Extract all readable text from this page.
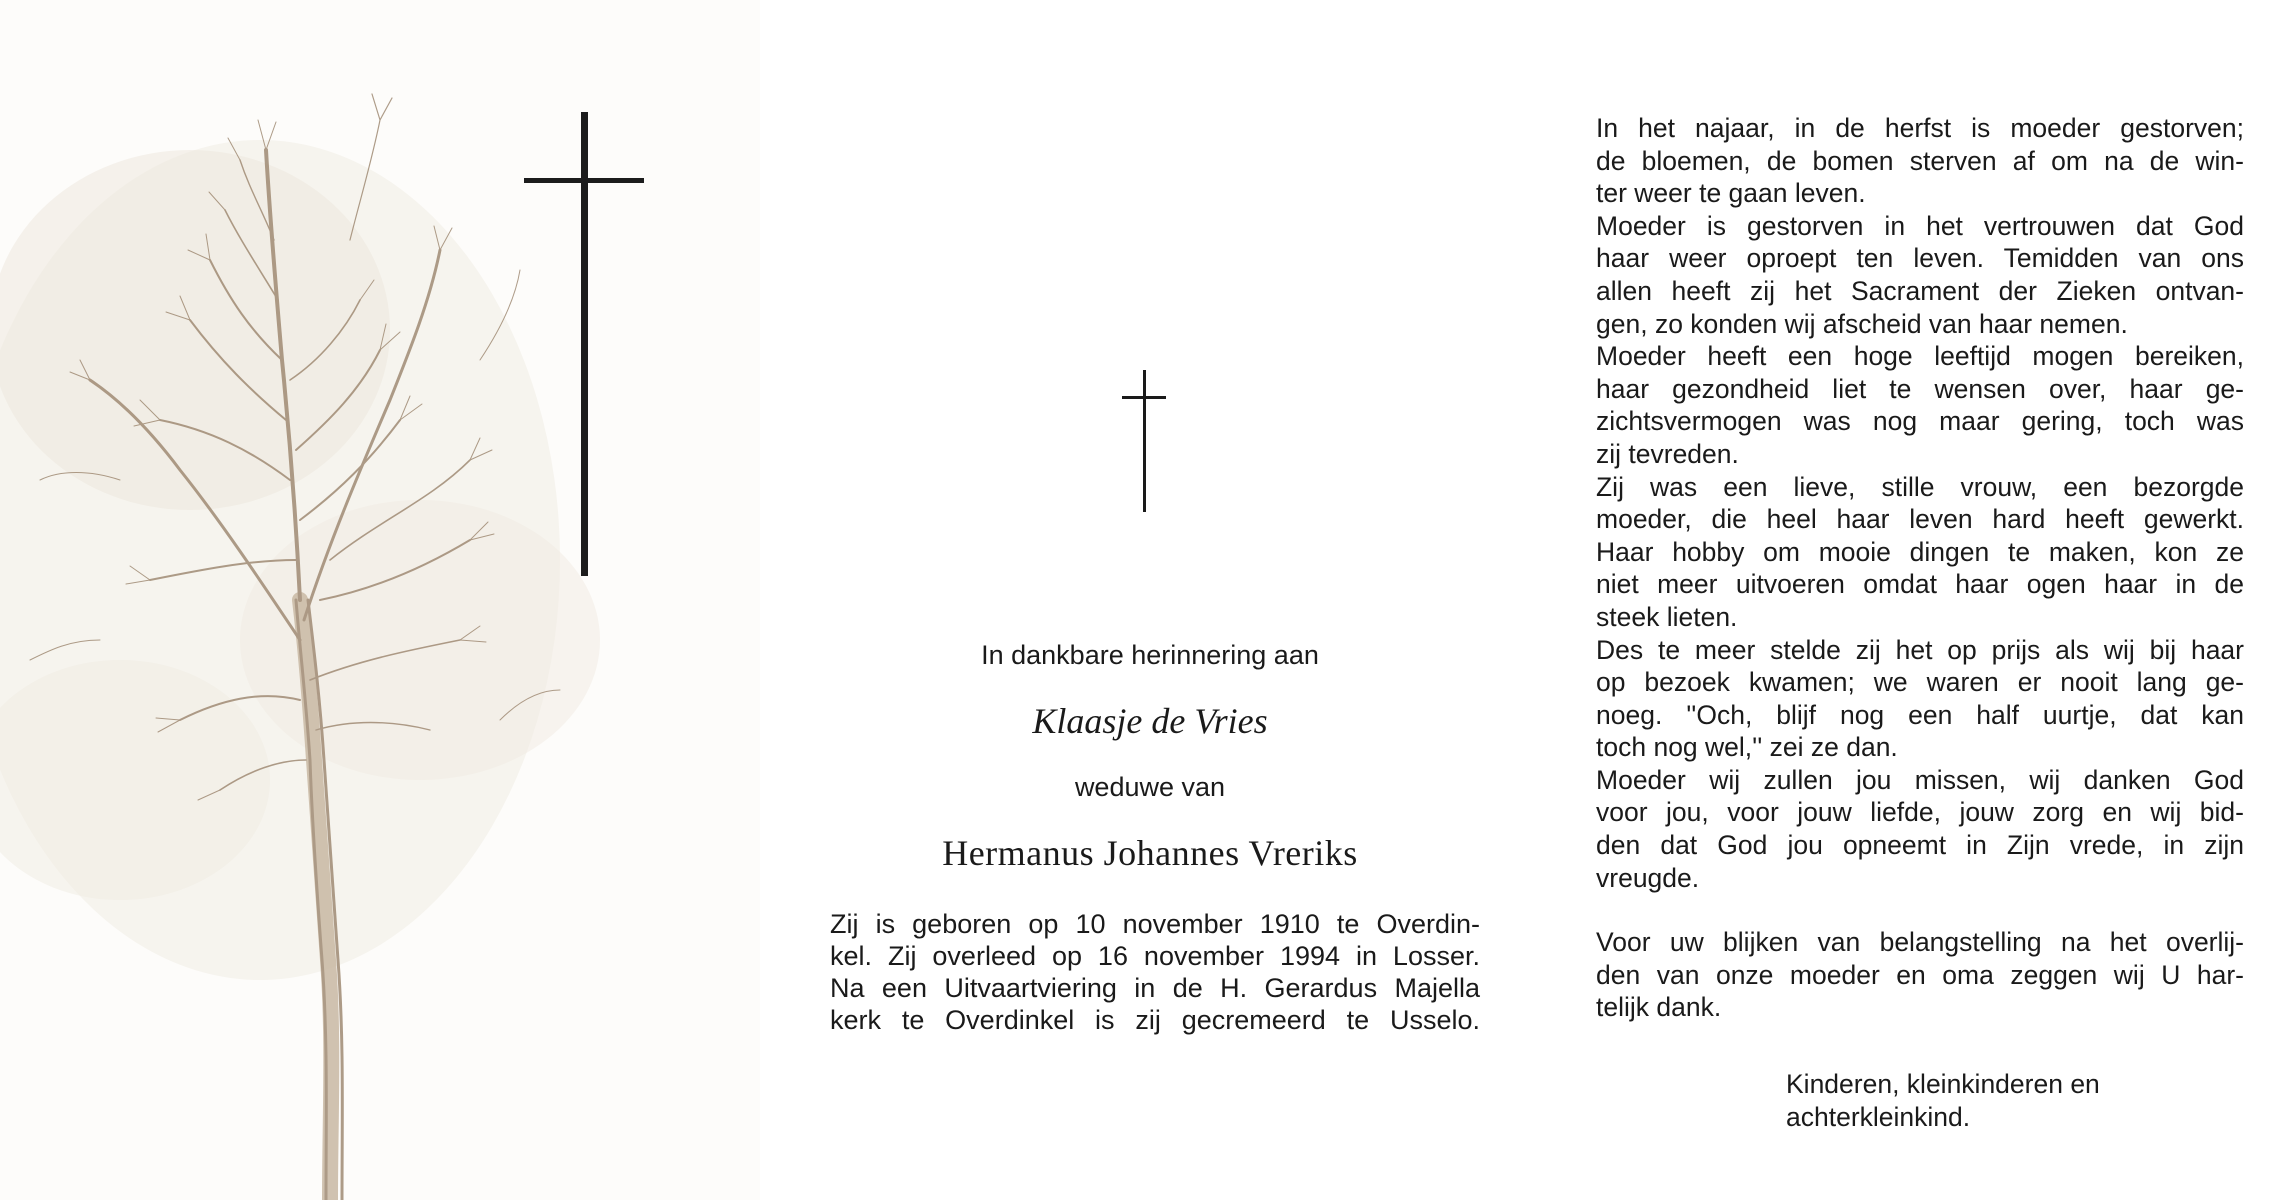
In dankbare herinnering aan
Klaasje de Vries
weduwe van
Hermanus Johannes Vreriks
Zij is geboren op 10 november 1910 te Overdin-
kel. Zij overleed op 16 november 1994 in Losser.
Na een Uitvaartviering in de H. Gerardus Majella
kerk te Overdinkel is zij gecremeerd te Usselo.
In het najaar, in de herfst is moeder gestorven;
de bloemen, de bomen sterven af om na de win-
ter weer te gaan leven.
Moeder is gestorven in het vertrouwen dat God
haar weer oproept ten leven. Temidden van ons
allen heeft zij het Sacrament der Zieken ontvan-
gen, zo konden wij afscheid van haar nemen.
Moeder heeft een hoge leeftijd mogen bereiken,
haar gezondheid liet te wensen over, haar ge-
zichtsvermogen was nog maar gering, toch was
zij tevreden.
Zij was een lieve, stille vrouw, een bezorgde
moeder, die heel haar leven hard heeft gewerkt.
Haar hobby om mooie dingen te maken, kon ze
niet meer uitvoeren omdat haar ogen haar in de
steek lieten.
Des te meer stelde zij het op prijs als wij bij haar
op bezoek kwamen; we waren er nooit lang ge-
noeg. ''Och, blijf nog een half uurtje, dat kan
toch nog wel,'' zei ze dan.
Moeder wij zullen jou missen, wij danken God
voor jou, voor jouw liefde, jouw zorg en wij bid-
den dat God jou opneemt in Zijn vrede, in zijn
vreugde.
Voor uw blijken van belangstelling na het overlij-
den van onze moeder en oma zeggen wij U har-
telijk dank.
Kinderen, kleinkinderen en
achterkleinkind.
